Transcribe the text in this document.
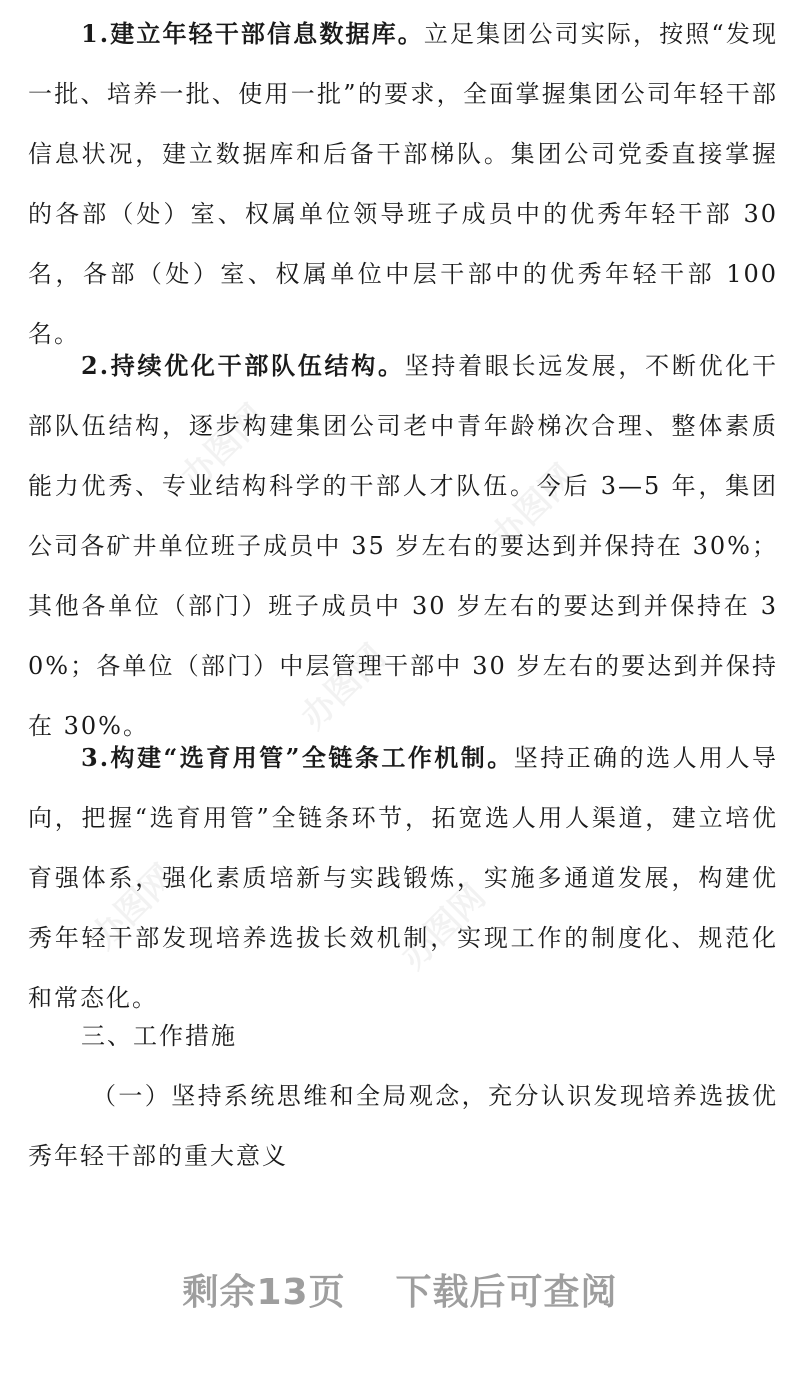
办图网
办图网
办图网
办图网	办图网

1.建立年轻干部信息数据库。立足集团公司实际，按照“发现一批、培养一批、使用一批”的要求，全面掌握集团公司年轻干部信息状况，建立数据库和后备干部梯队。集团公司党委直接掌握的各部（处）室、权属单位领导班子成员中的优秀年轻干部 30 名，各部（处）室、权属单位中层干部中的优秀年轻干部 100 名。

2.持续优化干部队伍结构。坚持着眼长远发展，不断优化干部队伍结构，逐步构建集团公司老中青年龄梯次合理、整体素质能力优秀、专业结构科学的干部人才队伍。今后 3—5 年，集团公司各矿井单位班子成员中 35 岁左右的要达到并保持在 30%；其他各单位（部门）班子成员中 30 岁左右的要达到并保持在 30%；各单位（部门）中层管理干部中 30 岁左右的要达到并保持在 30%。

3.构建“选育用管”全链条工作机制。坚持正确的选人用人导向，把握“选育用管”全链条环节，拓宽选人用人渠道，建立培优育强体系，强化素质培新与实践锻炼，实施多通道发展，构建优秀年轻干部发现培养选拔长效机制，实现工作的制度化、规范化和常态化。

三、工作措施

（一）坚持系统思维和全局观念，充分认识发现培养选拔优秀年轻干部的重大意义

剩余13页 下载后可查阅
